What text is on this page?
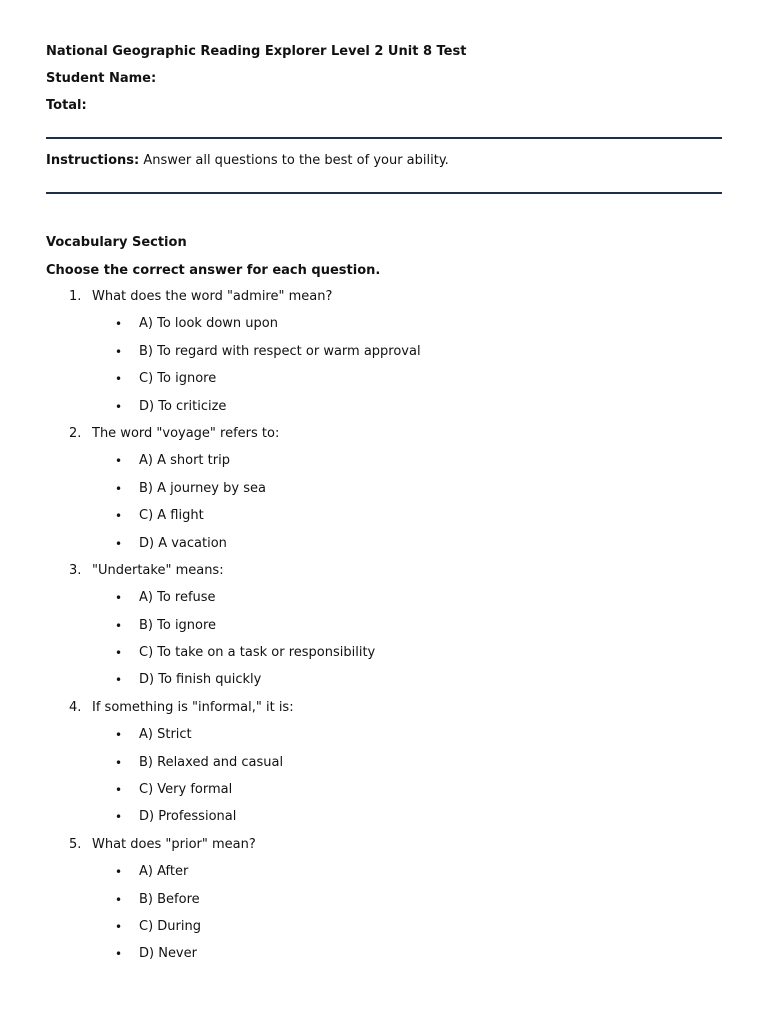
National Geographic Reading Explorer Level 2 Unit 8 Test
Student Name:
Total:
Instructions: Answer all questions to the best of your ability.
Vocabulary Section
Choose the correct answer for each question.
1. What does the word "admire" mean?
• A) To look down upon
• B) To regard with respect or warm approval
• C) To ignore
• D) To criticize
2. The word "voyage" refers to:
• A) A short trip
• B) A journey by sea
• C) A flight
• D) A vacation
3. "Undertake" means:
• A) To refuse
• B) To ignore
• C) To take on a task or responsibility
• D) To finish quickly
4. If something is "informal," it is:
• A) Strict
• B) Relaxed and casual
• C) Very formal
• D) Professional
5. What does "prior" mean?
• A) After
• B) Before
• C) During
• D) Never
